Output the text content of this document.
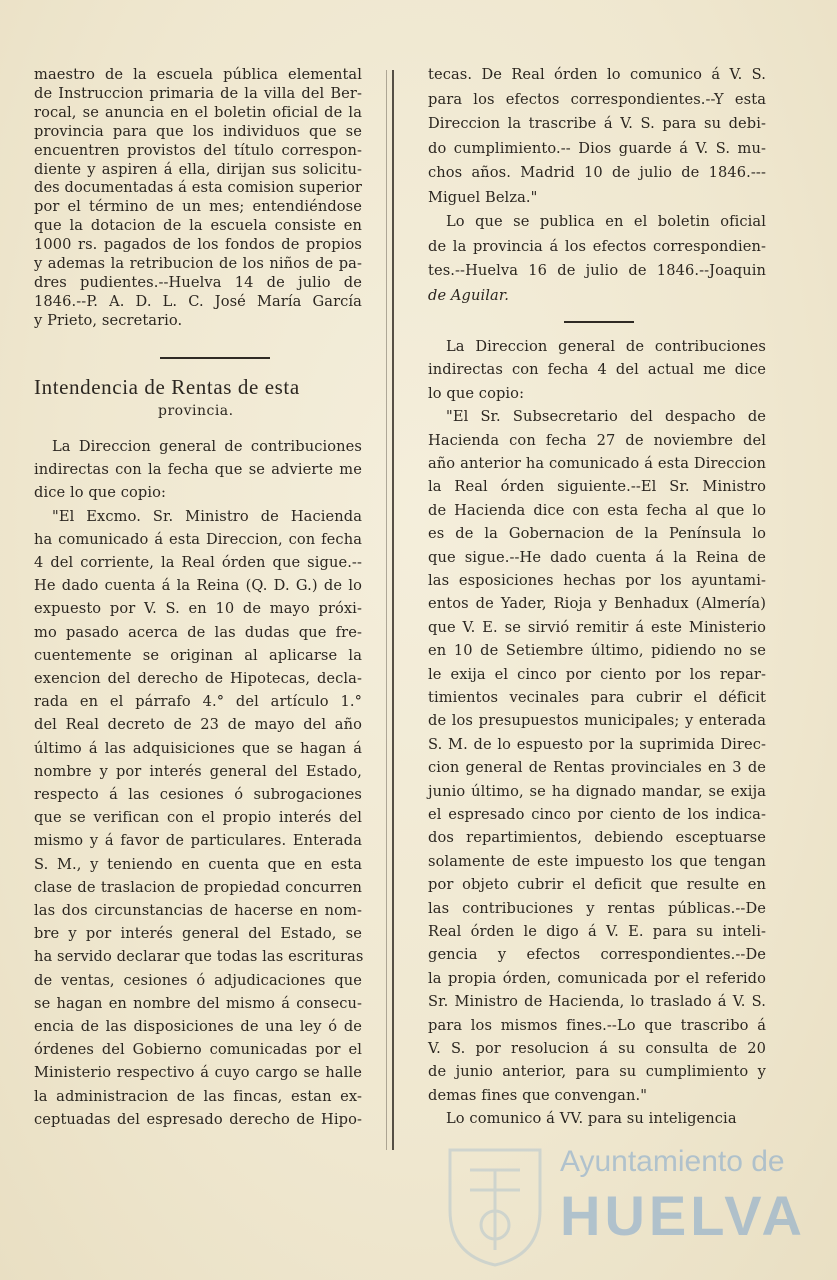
maestro de la escuela pública elemental
de Instruccion primaria de la villa del Ber-
rocal, se anuncia en el boletin oficial de la
provincia para que los individuos que se
encuentren provistos del título correspon-
diente y aspiren á ella, dirijan sus solicitu-
des documentadas á esta comision superior
por el término de un mes; entendiéndose
que la dotacion de la escuela consiste en
1000 rs. pagados de los fondos de propios
y ademas la retribucion de los niños de pa-
dres pudientes.--Huelva 14 de julio de
1846.--P. A. D. L. C. José María García
y Prieto, secretario.
Intendencia de Rentas de esta
provincia.
La Direccion general de contribuciones
indirectas con la fecha que se advierte me
dice lo que copio:
"El Excmo. Sr. Ministro de Hacienda
ha comunicado á esta Direccion, con fecha
4 del corriente, la Real órden que sigue.--
He dado cuenta á la Reina (Q. D. G.) de lo
expuesto por V. S. en 10 de mayo próxi-
mo pasado acerca de las dudas que fre-
cuentemente se originan al aplicarse la
exencion del derecho de Hipotecas, decla-
rada en el párrafo 4.° del artículo 1.°
del Real decreto de 23 de mayo del año
último á las adquisiciones que se hagan á
nombre y por interés general del Estado,
respecto á las cesiones ó subrogaciones
que se verifican con el propio interés del
mismo y á favor de particulares. Enterada
S. M., y teniendo en cuenta que en esta
clase de traslacion de propiedad concurren
las dos circunstancias de hacerse en nom-
bre y por interés general del Estado, se
ha servido declarar que todas las escrituras
de ventas, cesiones ó adjudicaciones que
se hagan en nombre del mismo á consecu-
encia de las disposiciones de una ley ó de
órdenes del Gobierno comunicadas por el
Ministerio respectivo á cuyo cargo se halle
la administracion de las fincas, estan ex-
ceptuadas del espresado derecho de Hipo-
tecas. De Real órden lo comunico á V. S.
para los efectos correspondientes.--Y esta
Direccion la trascribe á V. S. para su debi-
do cumplimiento.-- Dios guarde á V. S. mu-
chos años. Madrid 10 de julio de 1846.---
Miguel Belza."
Lo que se publica en el boletin oficial
de la provincia á los efectos correspondien-
tes.--Huelva 16 de julio de 1846.--Joaquin
de Aguilar.
La Direccion general de contribuciones
indirectas con fecha 4 del actual me dice
lo que copio:
"El Sr. Subsecretario del despacho de
Hacienda con fecha 27 de noviembre del
año anterior ha comunicado á esta Direccion
la Real órden siguiente.--El Sr. Ministro
de Hacienda dice con esta fecha al que lo
es de la Gobernacion de la Península lo
que sigue.--He dado cuenta á la Reina de
las esposiciones hechas por los ayuntami-
entos de Yader, Rioja y Benhadux (Almería)
que V. E. se sirvió remitir á este Ministerio
en 10 de Setiembre último, pidiendo no se
le exija el cinco por ciento por los repar-
timientos vecinales para cubrir el déficit
de los presupuestos municipales; y enterada
S. M. de lo espuesto por la suprimida Direc-
cion general de Rentas provinciales en 3 de
junio último, se ha dignado mandar, se exija
el espresado cinco por ciento de los indica-
dos repartimientos, debiendo esceptuarse
solamente de este impuesto los que tengan
por objeto cubrir el deficit que resulte en
las contribuciones y rentas públicas.--De
Real órden le digo á V. E. para su inteli-
gencia y efectos correspondientes.--De
la propia órden, comunicada por el referido
Sr. Ministro de Hacienda, lo traslado á V. S.
para los mismos fines.--Lo que trascribo á
V. S. por resolucion á su consulta de 20
de junio anterior, para su cumplimiento y
demas fines que convengan."
Lo comunico á VV. para su inteligencia
Ayuntamiento de
HUELVA
